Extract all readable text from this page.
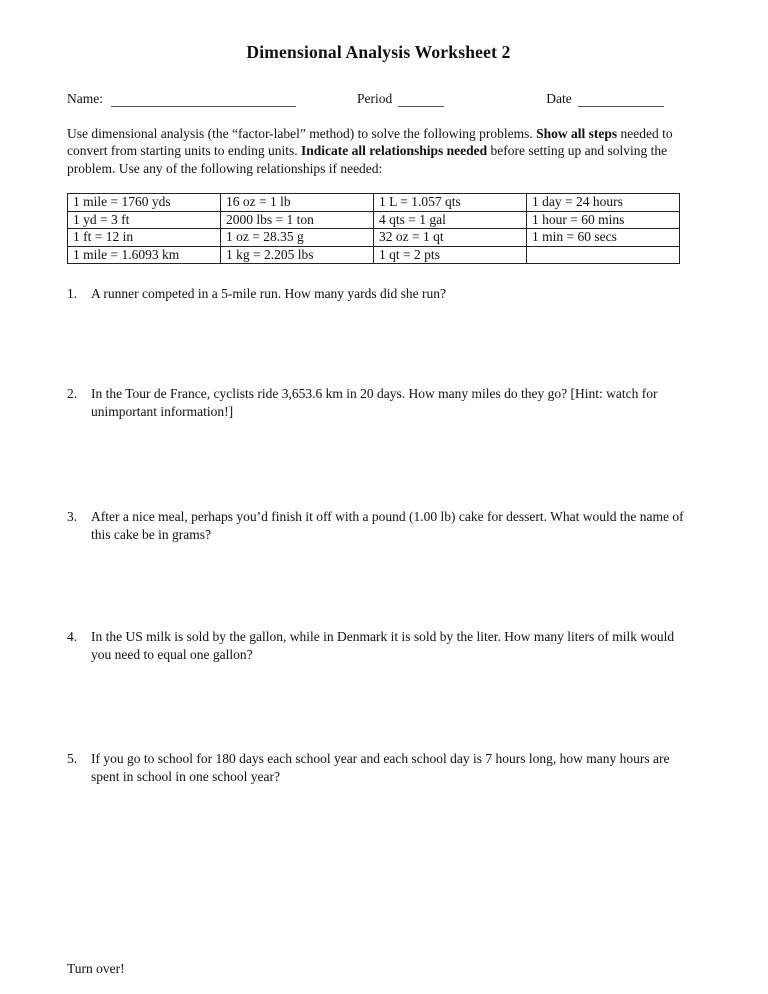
Dimensional Analysis Worksheet 2
Name:	Period	Date
Use dimensional analysis (the “factor-label” method) to solve the following problems. Show all steps needed to convert from starting units to ending units. Indicate all relationships needed before setting up and solving the problem. Use any of the following relationships if needed:
1 mile = 1760 yds	16 oz = 1 lb	1 L = 1.057 qts	1 day = 24 hours
1 yd = 3 ft	2000 lbs = 1 ton	4 qts = 1 gal	1 hour = 60 mins
1 ft = 12 in	1 oz = 28.35 g	32 oz = 1 qt	1 min = 60 secs
1 mile = 1.6093 km	1 kg = 2.205 lbs	1 qt = 2 pts	
1.	A runner competed in a 5-mile run. How many yards did she run?
2.	In the Tour de France, cyclists ride 3,653.6 km in 20 days. How many miles do they go? [Hint: watch for unimportant information!]
3.	After a nice meal, perhaps you’d finish it off with a pound (1.00 lb) cake for dessert. What would the name of this cake be in grams?
4.	In the US milk is sold by the gallon, while in Denmark it is sold by the liter. How many liters of milk would you need to equal one gallon?
5.	If you go to school for 180 days each school year and each school day is 7 hours long, how many hours are spent in school in one school year?
Turn over!
